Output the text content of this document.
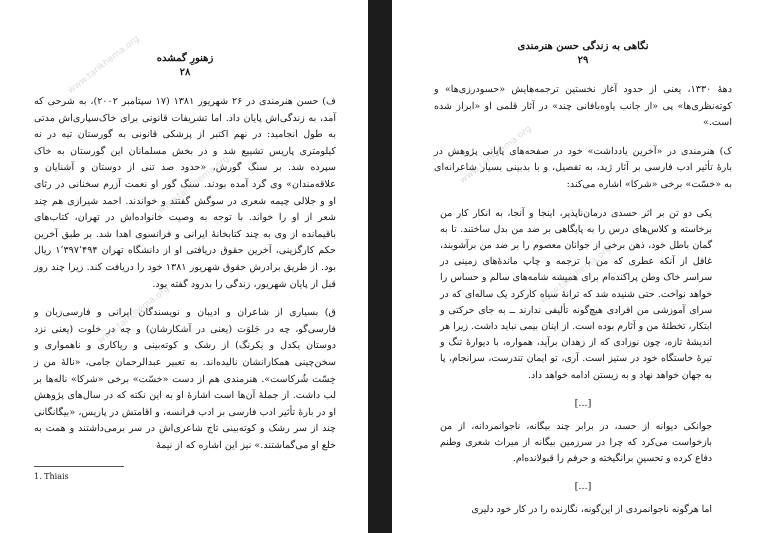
زهنورِ گمشده
۲۸

ف) حسن هنرمندی در ۲۶ شهریور ۱۳۸۱ (۱۷ سپتامبر ۲۰۰۲)، به شرحی که آمد، به زندگی‌اش پایان داد. اما تشریفات قانونی برای خاک‌سپاری‌اش مدتی به طول انجامید: در نهم اکتبر از پزشکی قانونی به گورستان تیه در نه کیلومتری پاریس تشییع شد و در بخش مسلمانان این گورستان به خاک سپرده شد. بر سنگ گورش، «حدود صد تنی از دوستان و آشنایان و علاقه‌مندان» وی گرد آمده بودند. سنگ گور او نعمت آزرم سخنانی در رثای او و جلالی چیمه شعری در سوگش گفتند و خواندند. احمد شیرازی هم چند شعر از او را خواند. با توجه به وصیت خانواده‌اش در تهران، کتاب‌های باقیمانده از وی به چند کتابخانهٔ ایرانی و فرانسوی اهدا شد. بر طبق آخرین حکم کارگزینی، آخرین حقوق دریافتی او از دانشگاه تهران ۱٬۳۹۷٬۴۹۴ ریال بود. از طریق برادرش حقوق شهریور ۱۳۸۱ خود را دریافت کند. زیرا چند روز قبل از پایان شهریور، زندگی را بدرود گفته بود.

ق) بسیاری از شاعران و ادیبان و نویسندگان ایرانی و فارسی‌زبان و فارسی‌گو، چه در جَلوَت (یعنی در آشکارشان) و چه در خلوت (یعنی نزد دوستان یکدل و یکرنگ) از رشک و کوته‌بینی و ریاکاری و ناهمواری و سخن‌چینی همکارانشان نالیده‌اند. به تعبیر عبدالرحمان جامی، «نالهٔ من ز خِسّت شُرکاست». هنرمندی هم از دست «خسّت» برخی «شرکا» ناله‌ها بر لب داشت. از جملهٔ آن‌ها است اشارهٔ او به این نکته که در سال‌های پژوهش او در بارهٔ تأثیر ادب فارسی بر ادب فرانسه، و اقامتش در پاریس، «بیگانگانی چند از سر رشک و کوته‌بینی تاج شاعری‌اش در سر برمی‌داشتند و همت به خلع او می‌گماشتند.» نیز این اشاره که از نیمهٔ

1. Thiais
www.tarikhema.org
www.tarikhema.org
www.tarikhema.org
نگاهی به زندگی حسن هنرمندی
۲۹

دههٔ ۱۳۳۰، یعنی از حدود آغاز نخستین ترجمه‌هایش «حسودرزی‌ها» و کوته‌نظری‌ها» پی «از جانب یاوه‌بافانی چند» در آثار قلمی او «ابراز شده است.»

ک) هنرمندی در «آخرین یادداشت» خود در صفحه‌های پایانی پژوهش در بارهٔ تأثیر ادب فارسی بر آثار ژید، به تفصیل، و با بدبینی بسیار شاعرانه‌ای به «خسّت» برخی «شرکا» اشاره می‌کند:

یکی دو تن بر اثر حسدی درمان‌ناپذیر، اینجا و آنجا، به انکار کار من برخاسته و کلاس‌های درس را به پایگاهی بر ضد من بدل ساختند. تا به گمان باطل خود، ذهن برخی از جوانان معصوم را بر ضد من برآشوبند، غافل از آنکه عطری که من با ترجمه و چاپ ماندهٔ‌های زمینی در سراسر خاک وطن پراکنده‌ام برای همیشه شامه‌های سالم و حساس را خواهد نواخت. حتی شنیده شد که ترانهٔ سیاه کارکرد یک ساله‌ای که در سرای آموزشی من افرادی هیچ‌گونه تألیفی ندارند ــ به جای حرکتی و ابتکار، تخطئهٔ من و آثارم بوده است. از اینان بیمی نباید داشت. زیرا هر اندیشهٔ تازه، چون نوزادی که از زهدان برآید، همواره، با دیوارهٔ تنگ و تیرهٔ خاستگاه خود در ستیز است. آری، تو ایمان تندرست، سرانجام، پا به جهان خواهد نهاد و به زیستن ادامه خواهد داد.

[...]

جوانکی دیوانه از حسد، در برابر چند بیگانه، ناجوانمردانه، از من بازخواست می‌کرد که چرا در سرزمین بیگانه از میراث شعری وطنم دفاع کرده و تحسینِ برانگیخته و حرفم را قبولانده‌ام.

[...]

اما هرگونه ناجوانمردی از این‌گونه، نگارنده را در کار خود دلیری

www.tarikhema.org
www.tarikhema.org
